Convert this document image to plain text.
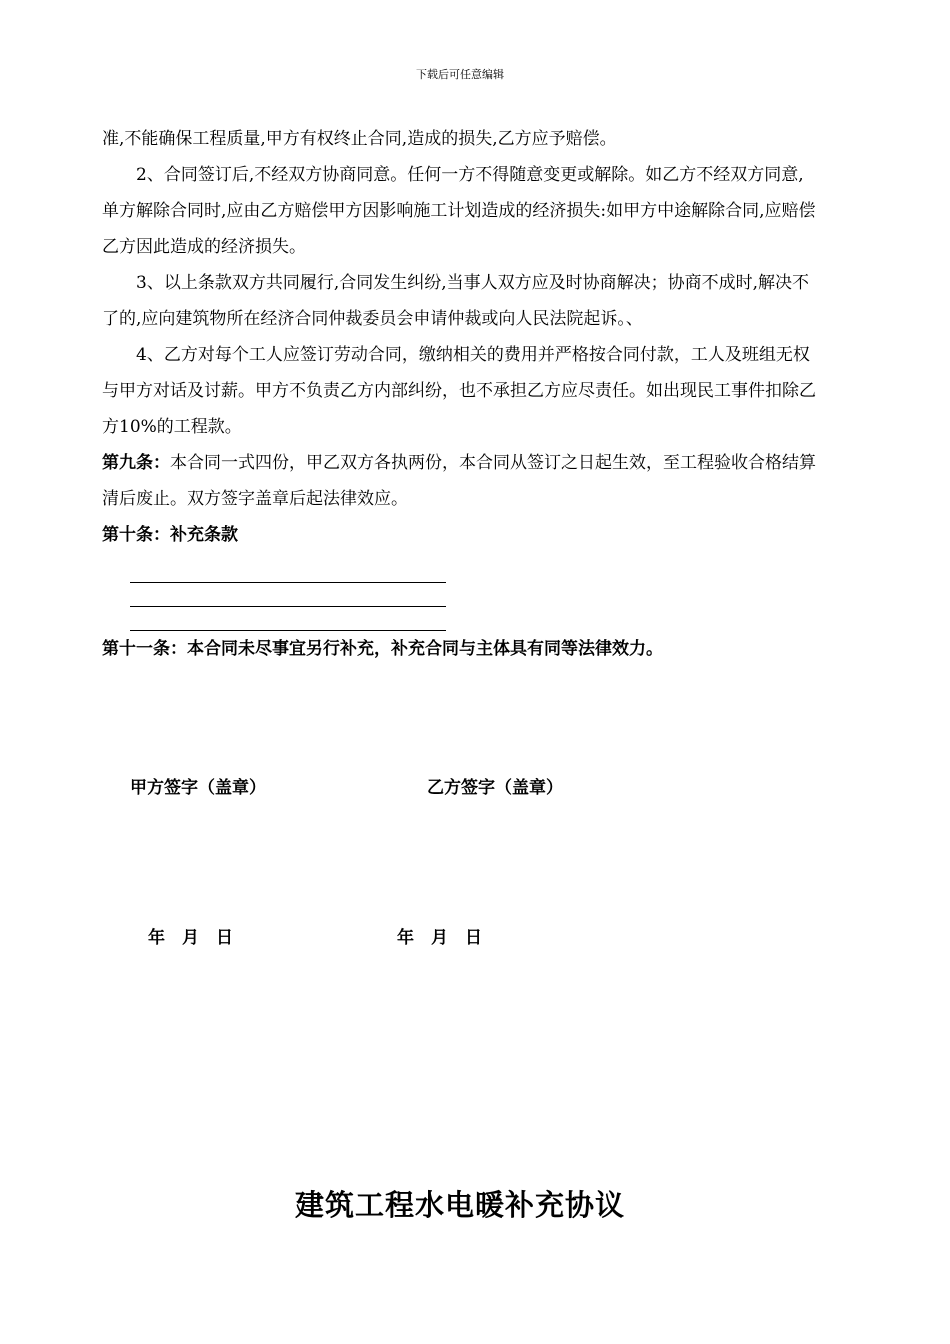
下载后可任意编辑

准,不能确保工程质量,甲方有权终止合同,造成的损失,乙方应予赔偿。

2、合同签订后,不经双方协商同意。任何一方不得随意变更或解除。如乙方不经双方同意,单方解除合同时,应由乙方赔偿甲方因影响施工计划造成的经济损失:如甲方中途解除合同,应赔偿乙方因此造成的经济损失。

3、以上条款双方共同履行,合同发生纠纷,当事人双方应及时协商解决；协商不成时,解决不了的,应向建筑物所在经济合同仲裁委员会申请仲裁或向人民法院起诉。、

4、乙方对每个工人应签订劳动合同，缴纳相关的费用并严格按合同付款，工人及班组无权与甲方对话及讨薪。甲方不负责乙方内部纠纷，也不承担乙方应尽责任。如出现民工事件扣除乙方10%的工程款。

第九条：本合同一式四份，甲乙双方各执两份，本合同从签订之日起生效，至工程验收合格结算清后废止。双方签字盖章后起法律效应。

第十条：补充条款

第十一条：本合同未尽事宜另行补充，补充合同与主体具有同等法律效力。

甲方签字（盖章）	乙方签字（盖章）
年　月　日	年　月　日
建筑工程水电暖补充协议
